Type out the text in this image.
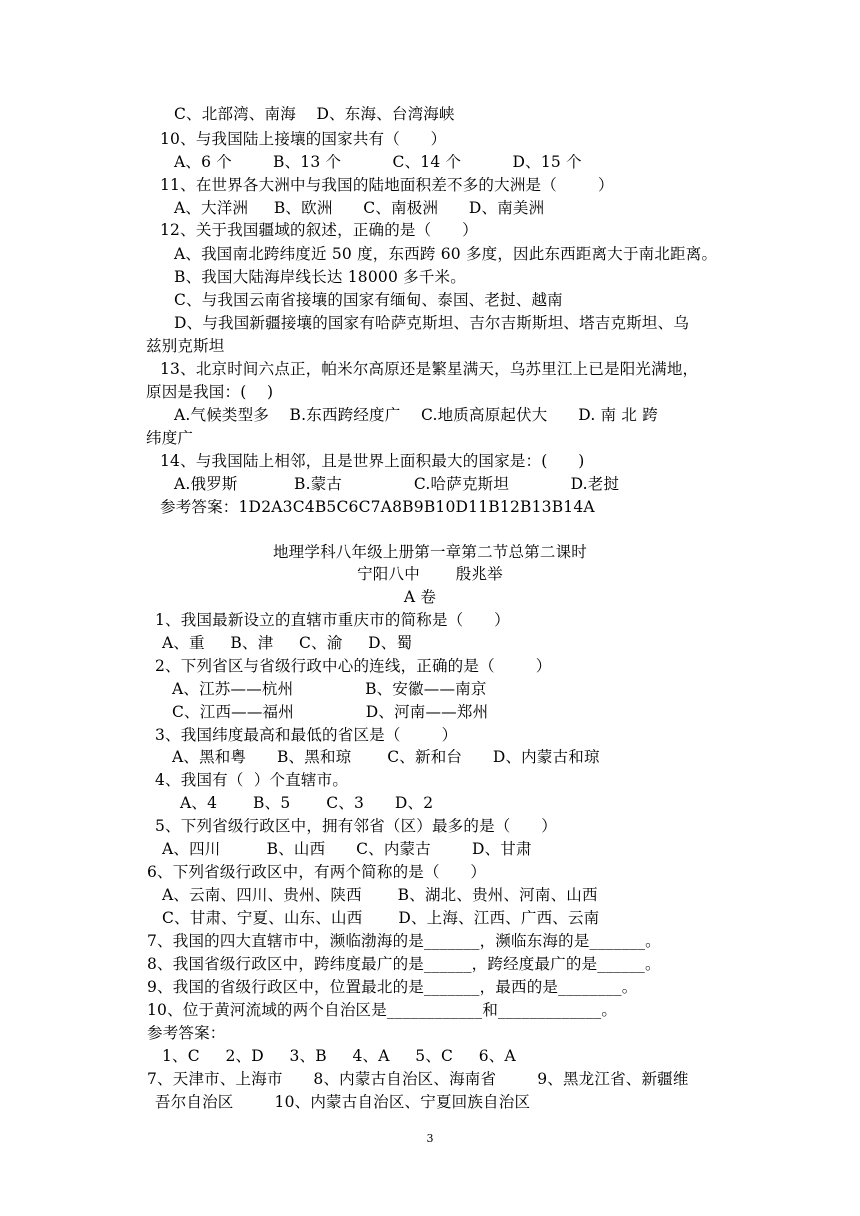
C、北部湾、南海    D、东海、台湾海峡
10、与我国陆上接壤的国家共有（      ）
A、6 个        B、13 个          C、14 个          D、15 个
11、在世界各大洲中与我国的陆地面积差不多的大洲是（        ）
A、大洋洲     B、欧洲      C、南极洲      D、南美洲
12、关于我国疆域的叙述，正确的是（      ）
A、我国南北跨纬度近 50 度，东西跨 60 多度，因此东西距离大于南北距离。
B、我国大陆海岸线长达 18000 多千米。
C、与我国云南省接壤的国家有缅甸、泰国、老挝、越南
D、与我国新疆接壤的国家有哈萨克斯坦、吉尔吉斯斯坦、塔吉克斯坦、乌
兹别克斯坦
13、北京时间六点正，帕米尔高原还是繁星满天，乌苏里江上已是阳光满地，
原因是我国：(    )
A.气候类型多    B.东西跨经度广    C.地质高原起伏大      D. 南 北 跨
纬度广
14、与我国陆上相邻，且是世界上面积最大的国家是：(      )
A.俄罗斯           B.蒙古              C.哈萨克斯坦            D.老挝
参考答案：1D2A3C4B5C6C7A8B9B10D11B12B13B14A
地理学科八年级上册第一章第二节总第二课时
宁阳八中       殷兆举
A 卷
1、我国最新设立的直辖市重庆市的简称是（      ）
A、重     B、津     C、渝     D、蜀
2、下列省区与省级行政中心的连线，正确的是（        ）
A、江苏——杭州              B、安徽——南京
C、江西——福州              D、河南——郑州
3、我国纬度最高和最低的省区是（        ）
A、黑和粤      B、黑和琼       C、新和台      D、内蒙古和琼
4、我国有（  ）个直辖市。
A、4       B、5       C、3      D、2
5、下列省级行政区中，拥有邻省（区）最多的是（      ）
A、四川         B、山西      C、内蒙古        D、甘肃
6、下列省级行政区中，有两个简称的是（      ）
A、云南、四川、贵州、陕西       B、湖北、贵州、河南、山西
C、甘肃、宁夏、山东、山西       D、上海、江西、广西、云南
7、我国的四大直辖市中，濒临渤海的是_______，濒临东海的是_______。
8、我国省级行政区中，跨纬度最广的是______，跨经度最广的是______。
9、我国的省级行政区中，位置最北的是_______，最西的是________。
10、位于黄河流域的两个自治区是____________和_____________。
参考答案：
1、C     2、D     3、B     4、A     5、C     6、A
7、天津市、上海市      8、内蒙古自治区、海南省        9、黑龙江省、新疆维
吾尔自治区        10、内蒙古自治区、宁夏回族自治区
3
